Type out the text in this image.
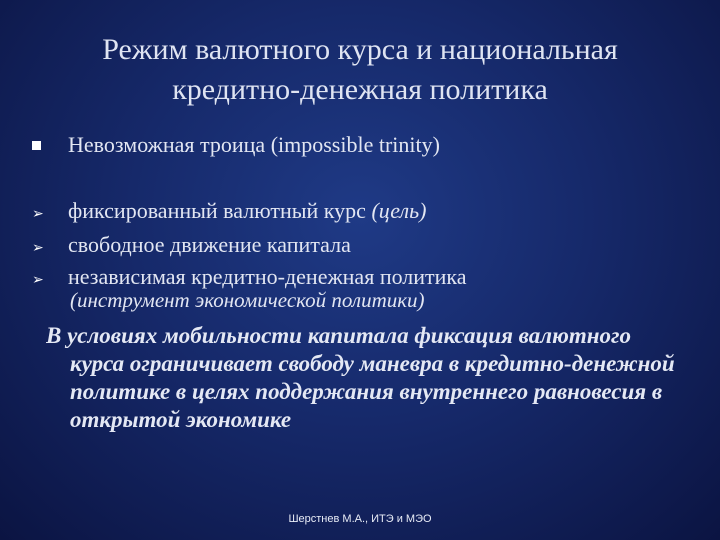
Режим валютного курса и национальная
кредитно-денежная политика
Невозможная троица (impossible trinity)
➢	фиксированный валютный курс (цель)
➢	свободное движение капитала
➢	независимая кредитно-денежная политика
(инструмент экономической политики)
В условиях мобильности капитала фиксация валютного
курса ограничивает свободу маневра в кредитно-денежной
политике в целях поддержания внутреннего равновесия в
открытой экономике
Шерстнев М.А., ИТЭ и МЭО
